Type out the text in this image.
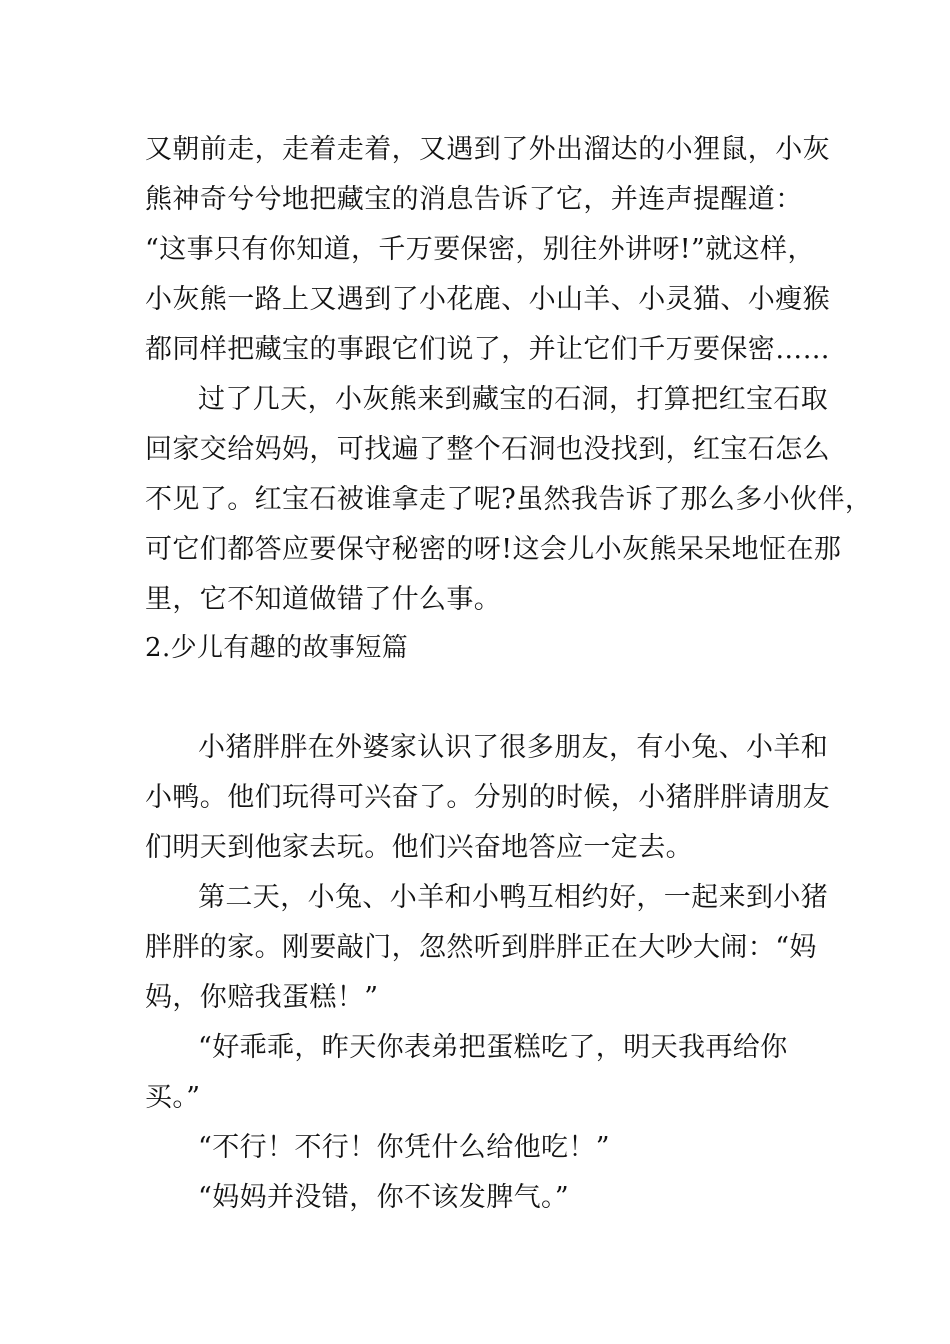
又朝前走，走着走着，又遇到了外出溜达的小狸鼠，小灰
熊神奇兮兮地把藏宝的消息告诉了它，并连声提醒道：
“这事只有你知道，千万要保密，别往外讲呀!”就这样，
小灰熊一路上又遇到了小花鹿、小山羊、小灵猫、小瘦猴
都同样把藏宝的事跟它们说了，并让它们千万要保密……
过了几天，小灰熊来到藏宝的石洞，打算把红宝石取
回家交给妈妈，可找遍了整个石洞也没找到，红宝石怎么
不见了。红宝石被谁拿走了呢?虽然我告诉了那么多小伙伴，
可它们都答应要保守秘密的呀!这会儿小灰熊呆呆地怔在那
里，它不知道做错了什么事。
2.少儿有趣的故事短篇
小猪胖胖在外婆家认识了很多朋友，有小兔、小羊和
小鸭。他们玩得可兴奋了。分别的时候，小猪胖胖请朋友
们明天到他家去玩。他们兴奋地答应一定去。
第二天，小兔、小羊和小鸭互相约好，一起来到小猪
胖胖的家。刚要敲门，忽然听到胖胖正在大吵大闹：“妈
妈，你赔我蛋糕！”
“好乖乖，昨天你表弟把蛋糕吃了，明天我再给你
买。”
“不行！不行！你凭什么给他吃！”
“妈妈并没错，你不该发脾气。”
